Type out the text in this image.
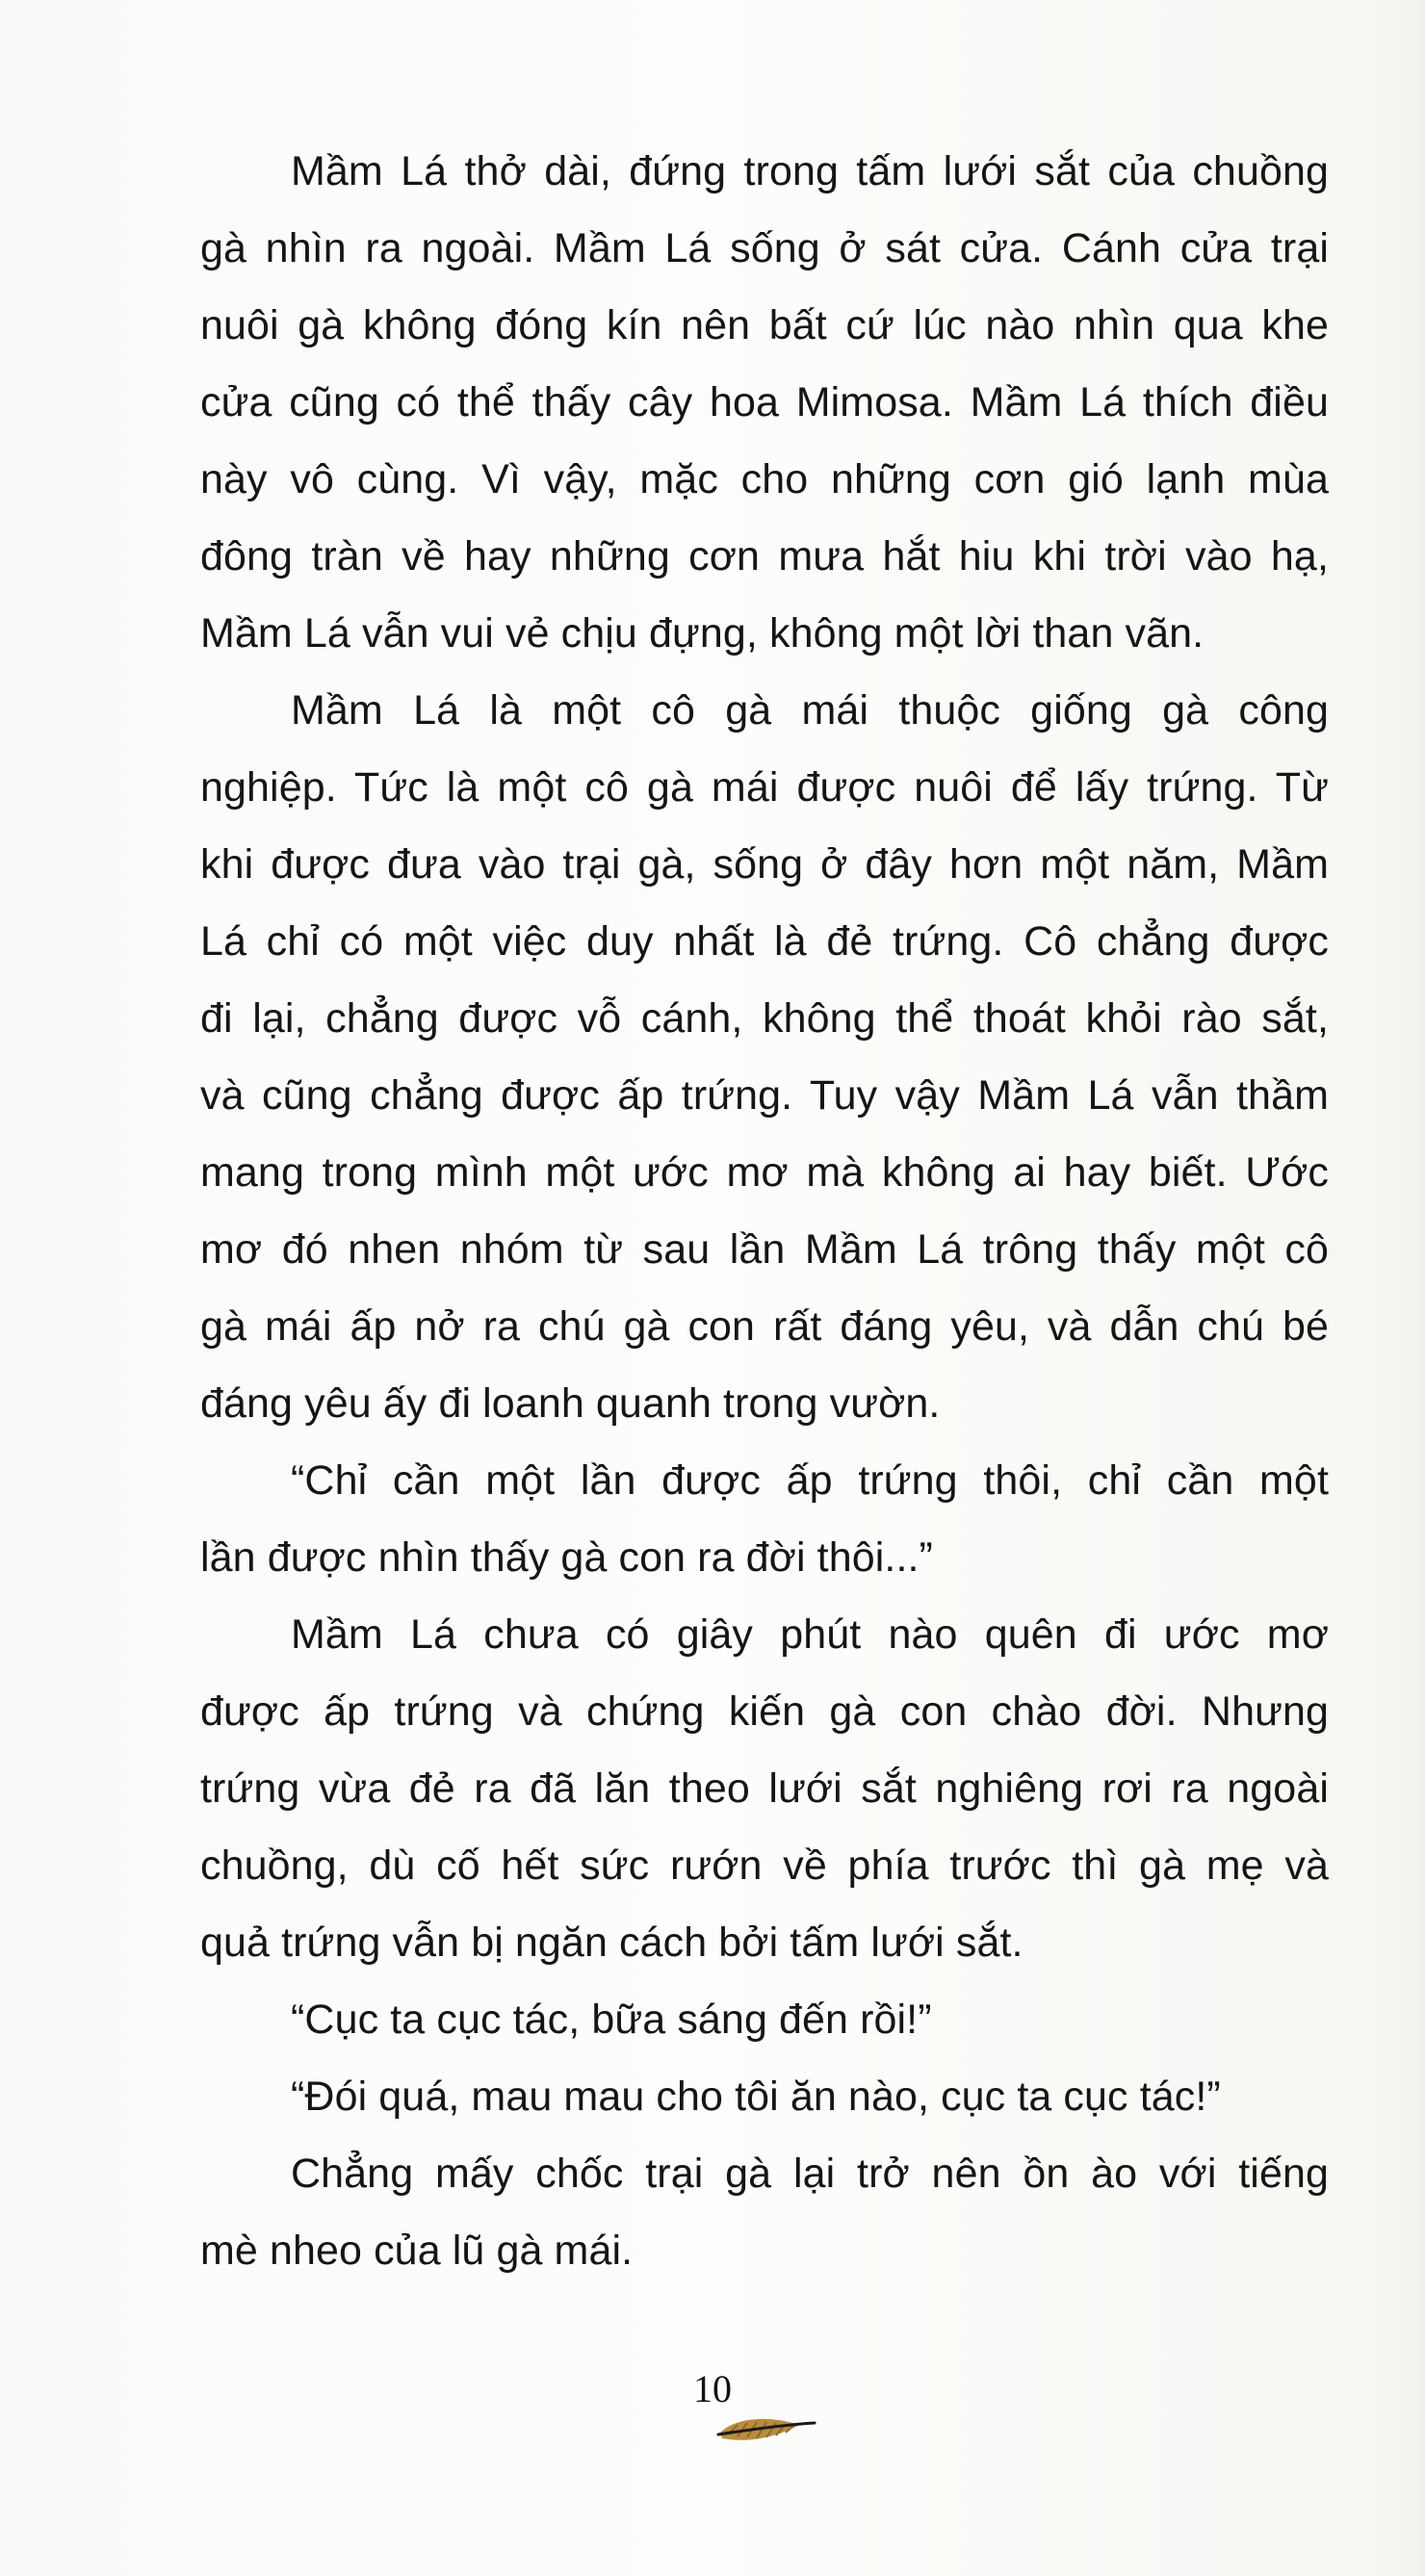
Mầm Lá thở dài, đứng trong tấm lưới sắt của chuồng
gà nhìn ra ngoài. Mầm Lá sống ở sát cửa. Cánh cửa trại
nuôi gà không đóng kín nên bất cứ lúc nào nhìn qua khe
cửa cũng có thể thấy cây hoa Mimosa. Mầm Lá thích điều
này vô cùng. Vì vậy, mặc cho những cơn gió lạnh mùa
đông tràn về hay những cơn mưa hắt hiu khi trời vào hạ,
Mầm Lá vẫn vui vẻ chịu đựng, không một lời than vãn.
Mầm Lá là một cô gà mái thuộc giống gà công
nghiệp. Tức là một cô gà mái được nuôi để lấy trứng. Từ
khi được đưa vào trại gà, sống ở đây hơn một năm, Mầm
Lá chỉ có một việc duy nhất là đẻ trứng. Cô chẳng được
đi lại, chẳng được vỗ cánh, không thể thoát khỏi rào sắt,
và cũng chẳng được ấp trứng. Tuy vậy Mầm Lá vẫn thầm
mang trong mình một ước mơ mà không ai hay biết. Ước
mơ đó nhen nhóm từ sau lần Mầm Lá trông thấy một cô
gà mái ấp nở ra chú gà con rất đáng yêu, và dẫn chú bé
đáng yêu ấy đi loanh quanh trong vườn.
“Chỉ cần một lần được ấp trứng thôi, chỉ cần một
lần được nhìn thấy gà con ra đời thôi...”
Mầm Lá chưa có giây phút nào quên đi ước mơ
được ấp trứng và chứng kiến gà con chào đời. Nhưng
trứng vừa đẻ ra đã lăn theo lưới sắt nghiêng rơi ra ngoài
chuồng, dù cố hết sức rướn về phía trước thì gà mẹ và
quả trứng vẫn bị ngăn cách bởi tấm lưới sắt.
“Cục ta cục tác, bữa sáng đến rồi!”
“Đói quá, mau mau cho tôi ăn nào, cục ta cục tác!”
Chẳng mấy chốc trại gà lại trở nên ồn ào với tiếng
mè nheo của lũ gà mái.
10
